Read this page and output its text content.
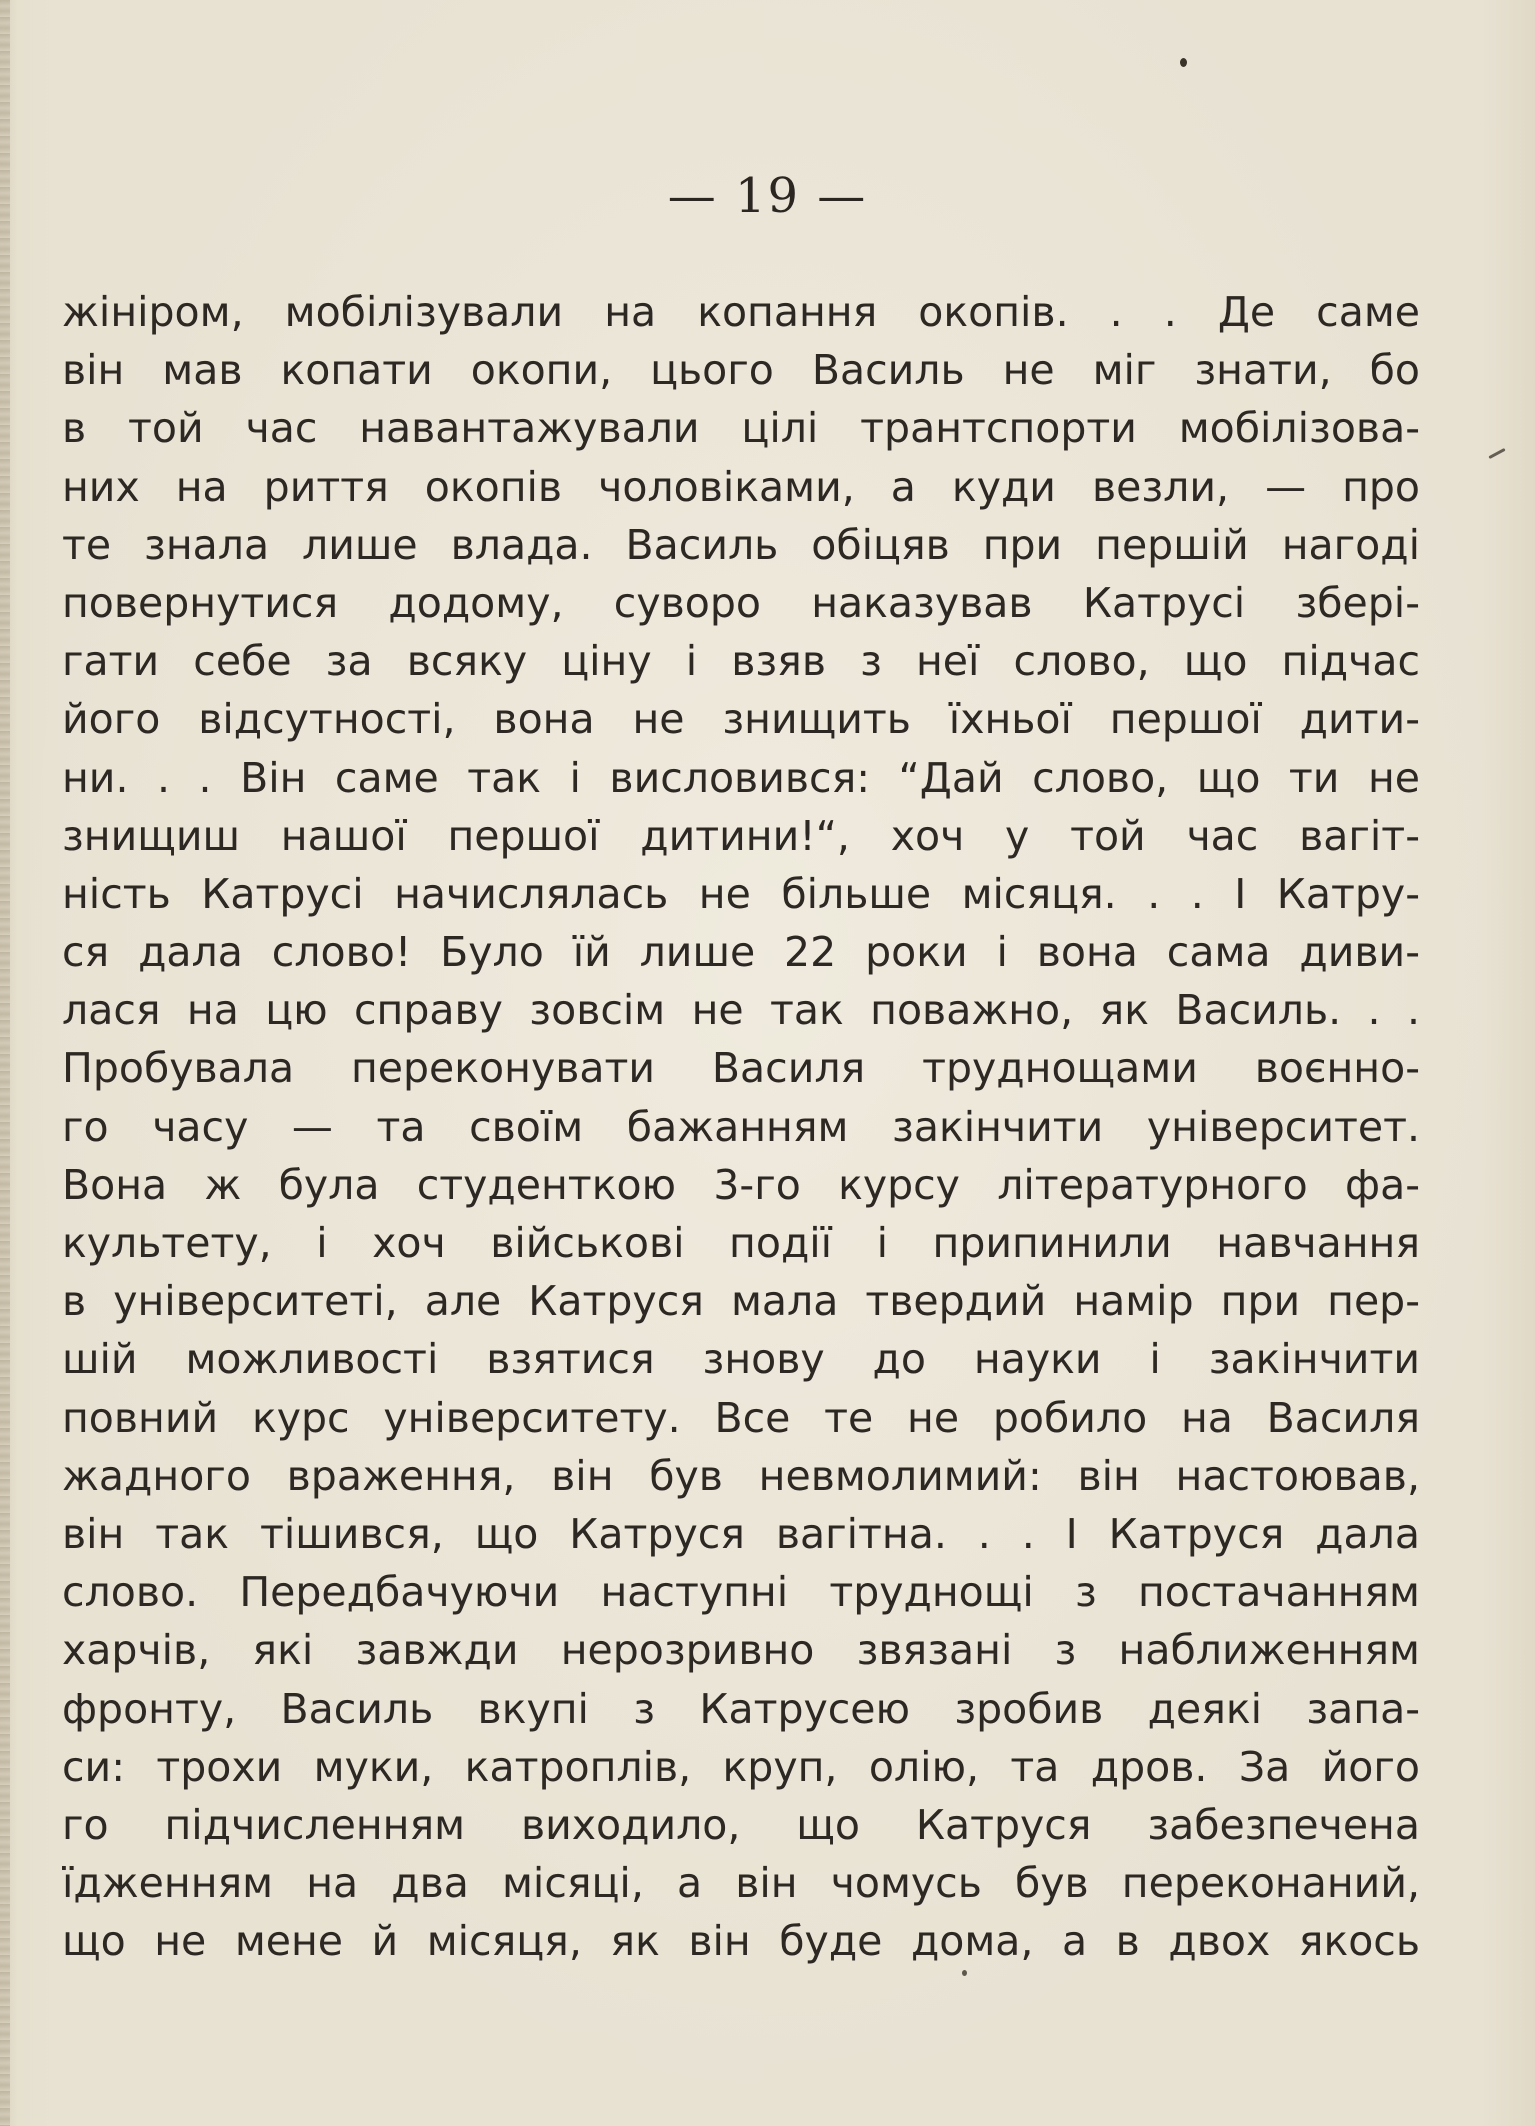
— 19 —
жініром, мобілізували на копання окопів. . . Де саме
він мав копати окопи, цього Василь не міг знати, бо
в той час навантажували цілі трантспорти мобілізова-
них на риття окопів чоловіками, а куди везли, — про
те знала лише влада. Василь обіцяв при першій нагоді
повернутися додому, суворо наказував Катрусі збері-
гати себе за всяку ціну і взяв з неї слово, що підчас
його відсутності, вона не знищить їхньої першої дити-
ни. . . Він саме так і висловився: “Дай слово, що ти не
знищиш нашої першої дитини!“, хоч у той час вагіт-
ність Катрусі начислялась не більше місяця. . . І Катру-
ся дала слово! Було їй лише 22 роки і вона сама диви-
лася на цю справу зовсім не так поважно, як Василь. . .
Пробувала переконувати Василя труднощами воєнно-
го часу — та своїм бажанням закінчити університет.
Вона ж була студенткою 3-го курсу літературного фа-
культету, і хоч військові події і припинили навчання
в університеті, але Катруся мала твердий намір при пер-
шій можливості взятися знову до науки і закінчити
повний курс університету. Все те не робило на Василя
жадного враження, він був невмолимий: він настоював,
він так тішився, що Катруся вагітна. . . І Катруся дала
слово. Передбачуючи наступні труднощі з постачанням
харчів, які завжди нерозривно звязані з наближенням
фронту, Василь вкупі з Катрусею зробив деякі запа-
си: трохи муки, катроплів, круп, олію, та дров. За його
го підчисленням виходило, що Катруся забезпечена
їдженням на два місяці, а він чомусь був переконаний,
що не мене й місяця, як він буде дома, а в двох якось
